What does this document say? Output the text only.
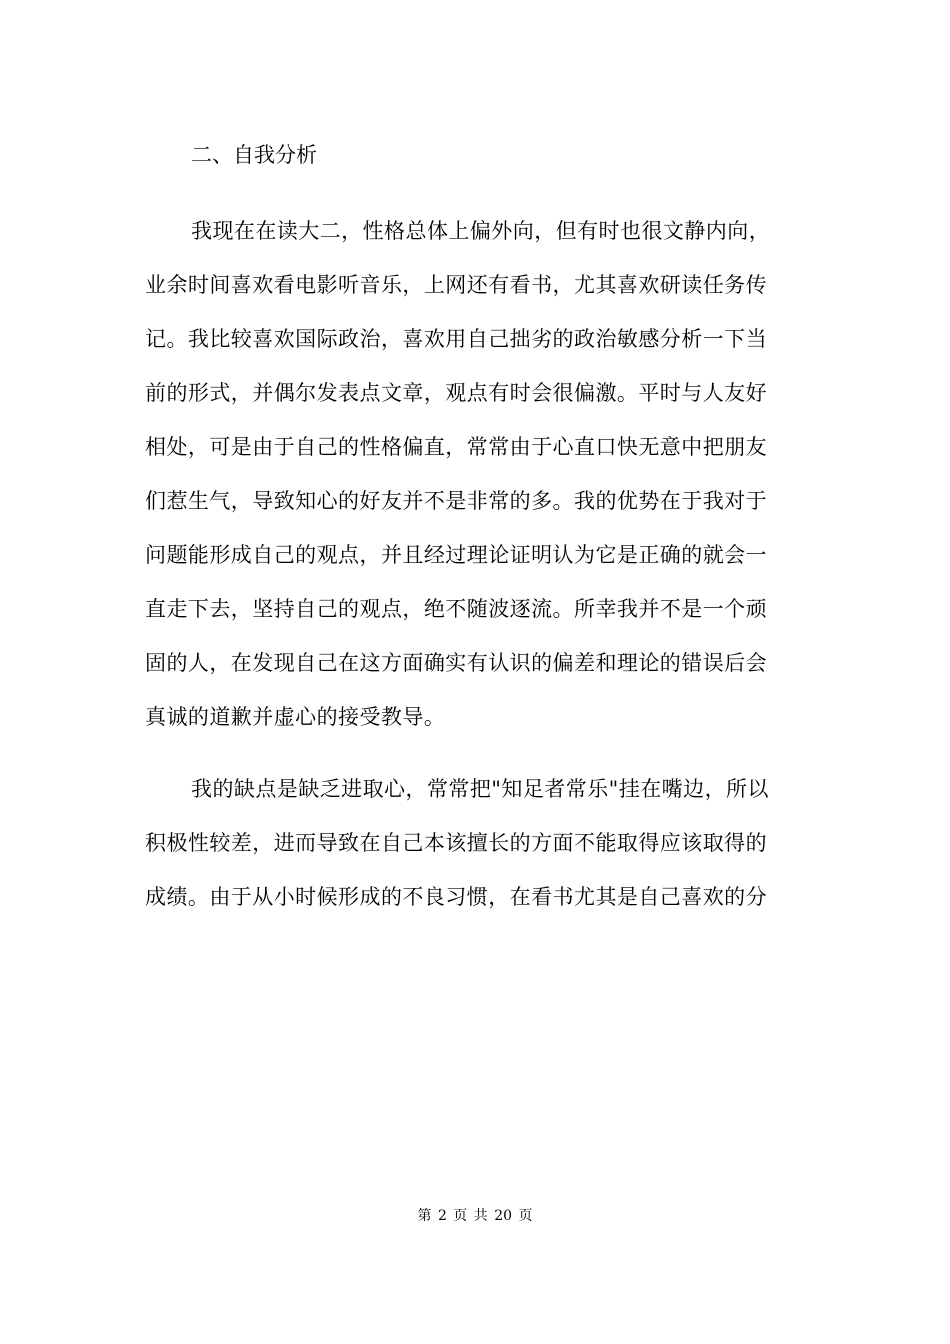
二、自我分析

我现在在读大二，性格总体上偏外向，但有时也很文静内向，
业余时间喜欢看电影听音乐，上网还有看书，尤其喜欢研读任务传
记。我比较喜欢国际政治，喜欢用自己拙劣的政治敏感分析一下当
前的形式，并偶尔发表点文章，观点有时会很偏激。平时与人友好
相处，可是由于自己的性格偏直，常常由于心直口快无意中把朋友
们惹生气，导致知心的好友并不是非常的多。我的优势在于我对于
问题能形成自己的观点，并且经过理论证明认为它是正确的就会一
直走下去，坚持自己的观点，绝不随波逐流。所幸我并不是一个顽
固的人，在发现自己在这方面确实有认识的偏差和理论的错误后会
真诚的道歉并虚心的接受教导。
我的缺点是缺乏进取心，常常把"知足者常乐"挂在嘴边，所以
积极性较差，进而导致在自己本该擅长的方面不能取得应该取得的
成绩。由于从小时候形成的不良习惯，在看书尤其是自己喜欢的分
第 2 页 共 20 页
